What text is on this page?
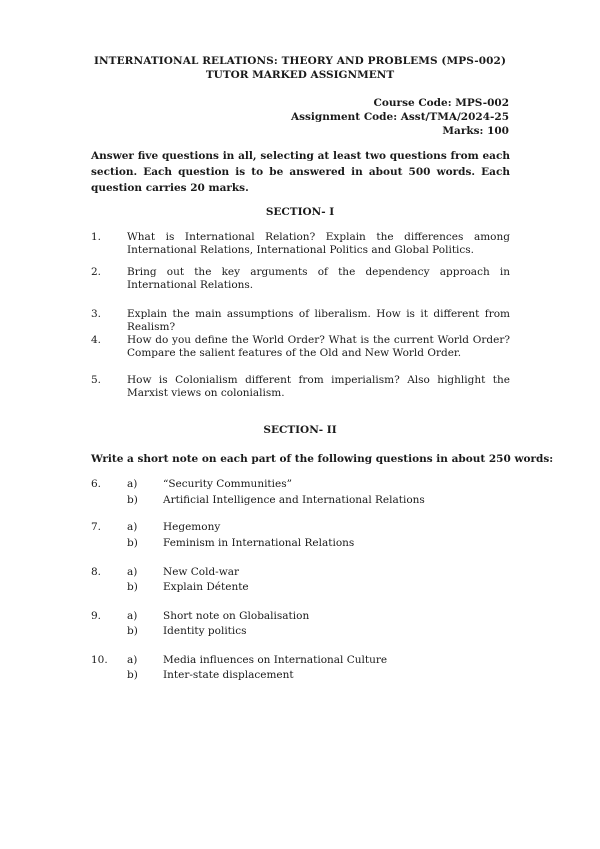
INTERNATIONAL RELATIONS: THEORY AND PROBLEMS (MPS-002)
TUTOR MARKED ASSIGNMENT
Course Code: MPS-002
Assignment Code: Asst/TMA/2024-25
Marks: 100
Answer five questions in all, selecting at least two questions from each section. Each question is to be answered in about 500 words. Each question carries 20 marks.
SECTION- I
1. What is International Relation? Explain the differences among International Relations, International Politics and Global Politics.
2. Bring out the key arguments of the dependency approach in International Relations.
3. Explain the main assumptions of liberalism. How is it different from Realism?
4. How do you define the World Order? What is the current World Order? Compare the salient features of the Old and New World Order.
5. How is Colonialism different from imperialism? Also highlight the Marxist views on colonialism.
SECTION- II
Write a short note on each part of the following questions in about 250 words:
6. a) “Security Communities”
b) Artificial Intelligence and International Relations
7. a) Hegemony
b) Feminism in International Relations
8. a) New Cold-war
b) Explain Détente
9. a) Short note on Globalisation
b) Identity politics
10. a) Media influences on International Culture
b) Inter-state displacement
